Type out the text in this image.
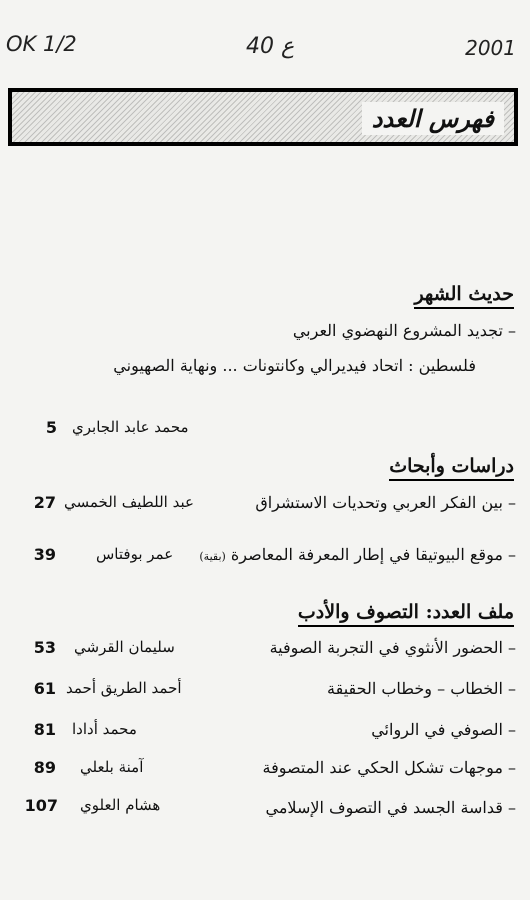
OK 1/2	40 ع	2001
فهرس العدد
حديث الشهر
– تجديد المشروع النهضوي العربي
فلسطين : اتحاد فيديرالي وكانتونات ... ونهاية الصهيوني
محمد عابد الجابري
5
دراسات وأبحاث
– بين الفكر العربي وتحديات الاستشراق
عبد اللطيف الخمسي
27
– موقع البيوتيقا في إطار المعرفة المعاصرة (بقية)
عمر بوفتاس
39
ملف العدد: التصوف والأدب
– الحضور الأنثوي في التجربة الصوفية
سليمان القرشي
53
– الخطاب – وخطاب الحقيقة
أحمد الطريق أحمد
61
– الصوفي في الروائي
محمد أدادا
81
– موجهات تشكل الحكي عند المتصوفة
آمنة بلعلي
89
– قداسة الجسد في التصوف الإسلامي
هشام العلوي
107
